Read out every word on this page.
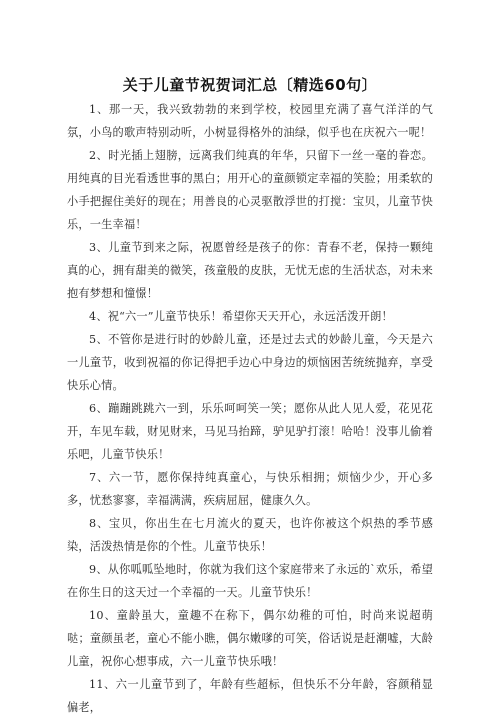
关于儿童节祝贺词汇总〔精选60句〕

1、那一天，我兴致勃勃的来到学校，校园里充满了喜气洋洋的气氛，小鸟的歌声特别动听，小树显得格外的油绿，似乎也在庆祝六一呢！

2、时光插上翅膀，远离我们纯真的年华，只留下一丝一毫的眷恋。用纯真的目光看透世事的黑白；用开心的童颜锁定幸福的笑脸；用柔软的小手把握住美好的现在；用善良的心灵驱散浮世的打搅：宝贝，儿童节快乐，一生幸福！

3、儿童节到来之际，祝愿曾经是孩子的你：青春不老，保持一颗纯真的心，拥有甜美的微笑，孩童般的皮肤，无忧无虑的生活状态，对未来抱有梦想和憧憬！

4、祝“六一”儿童节快乐！希望你天天开心，永远活泼开朗！

5、不管你是进行时的妙龄儿童，还是过去式的妙龄儿童，今天是六一儿童节，收到祝福的你记得把手边心中身边的烦恼困苦统统抛弃，享受快乐心情。

6、蹦蹦跳跳六一到，乐乐呵呵笑一笑；愿你从此人见人爱，花见花开，车见车载，财见财来，马见马抬蹄，驴见驴打滚！哈哈！没事儿偷着乐吧，儿童节快乐！

7、六一节，愿你保持纯真童心，与快乐相拥；烦恼少少，开心多多，忧愁寥寥，幸福满满，疾病屈屈，健康久久。

8、宝贝，你出生在七月流火的夏天，也许你被这个炽热的季节感染，活泼热情是你的个性。儿童节快乐！

9、从你呱呱坠地时，你就为我们这个家庭带来了永远的`欢乐，希望在你生日的这天过一个幸福的一天。儿童节快乐！

10、童龄虽大，童趣不在称下，偶尔幼稚的可怕，时尚来说超萌哒；童颜虽老，童心不能小瞧，偶尔嫩嗲的可笑，俗话说是赶潮嘘，大龄儿童，祝你心想事成，六一儿童节快乐哦！

11、六一儿童节到了，年龄有些超标，但快乐不分年龄，容颜稍显偏老，
